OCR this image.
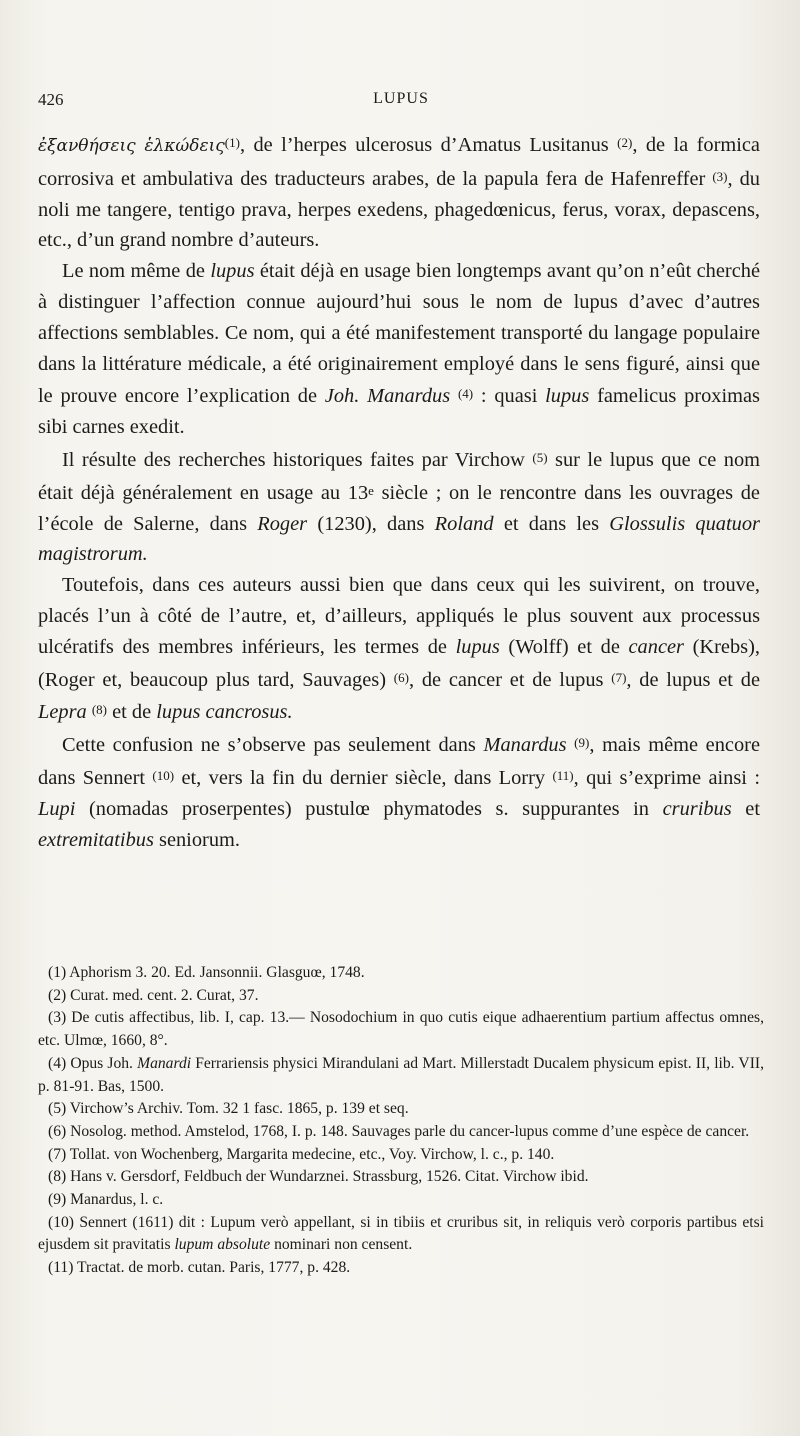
426	LUPUS

ἐξανθήσεις ἑλκώδεις$^{(1)}$, de l’herpes ulcerosus d’Amatus Lusitanus $^{(2)}$, de la formica corrosiva et ambulativa des traducteurs arabes, de la papula fera de Hafenreffer $^{(3)}$, du noli me tangere, tentigo prava, herpes exedens, phagedœnicus, ferus, vorax, depascens, etc., d’un grand nombre d’auteurs.

Le nom même de lupus était déjà en usage bien longtemps avant qu’on n’eût cherché à distinguer l’affection connue aujourd’hui sous le nom de lupus d’avec d’autres affections semblables. Ce nom, qui a été manifestement transporté du langage populaire dans la littérature médicale, a été originairement employé dans le sens figuré, ainsi que le prouve encore l’explication de Joh. Manardus $^{(4)}$ : quasi lupus famelicus proximas sibi carnes exedit.

Il résulte des recherches historiques faites par Virchow $^{(5)}$ sur le lupus que ce nom était déjà généralement en usage au 13e siècle ; on le rencontre dans les ouvrages de l’école de Salerne, dans Roger (1230), dans Roland et dans les Glossulis quatuor magistrorum.

Toutefois, dans ces auteurs aussi bien que dans ceux qui les suivirent, on trouve, placés l’un à côté de l’autre, et, d’ailleurs, appliqués le plus souvent aux processus ulcératifs des membres inférieurs, les termes de lupus (Wolff) et de cancer (Krebs), (Roger et, beaucoup plus tard, Sauvages) $^{(6)}$, de cancer et de lupus $^{(7)}$, de lupus et de Lepra $^{(8)}$ et de lupus cancrosus.

Cette confusion ne s’observe pas seulement dans Manardus $^{(9)}$, mais même encore dans Sennert $^{(10)}$ et, vers la fin du dernier siècle, dans Lorry $^{(11)}$, qui s’exprime ainsi : Lupi (nomadas proserpentes) pustulœ phymatodes s. suppurantes in cruribus et extremitatibus seniorum.

(1) Aphorism 3. 20. Ed. Jansonnii. Glasguœ, 1748.

(2) Curat. med. cent. 2. Curat, 37.

(3) De cutis affectibus, lib. I, cap. 13.— Nosodochium in quo cutis eique adhaerentium partium affectus omnes, etc. Ulmœ, 1660, 8°.

(4) Opus Joh. Manardi Ferrariensis physici Mirandulani ad Mart. Millerstadt Ducalem physicum epist. II, lib. VII, p. 81-91. Bas, 1500.

(5) Virchow’s Archiv. Tom. 32 1 fasc. 1865, p. 139 et seq.

(6) Nosolog. method. Amstelod, 1768, I. p. 148. Sauvages parle du cancer-lupus comme d’une espèce de cancer.

(7) Tollat. von Wochenberg, Margarita medecine, etc., Voy. Virchow, l. c., p. 140.

(8) Hans v. Gersdorf, Feldbuch der Wundarznei. Strassburg, 1526. Citat. Virchow ibid.

(9) Manardus, l. c.

(10) Sennert (1611) dit : Lupum verò appellant, si in tibiis et cruribus sit, in reliquis verò corporis partibus etsi ejusdem sit pravitatis lupum absolute nominari non censent.

(11) Tractat. de morb. cutan. Paris, 1777, p. 428.
